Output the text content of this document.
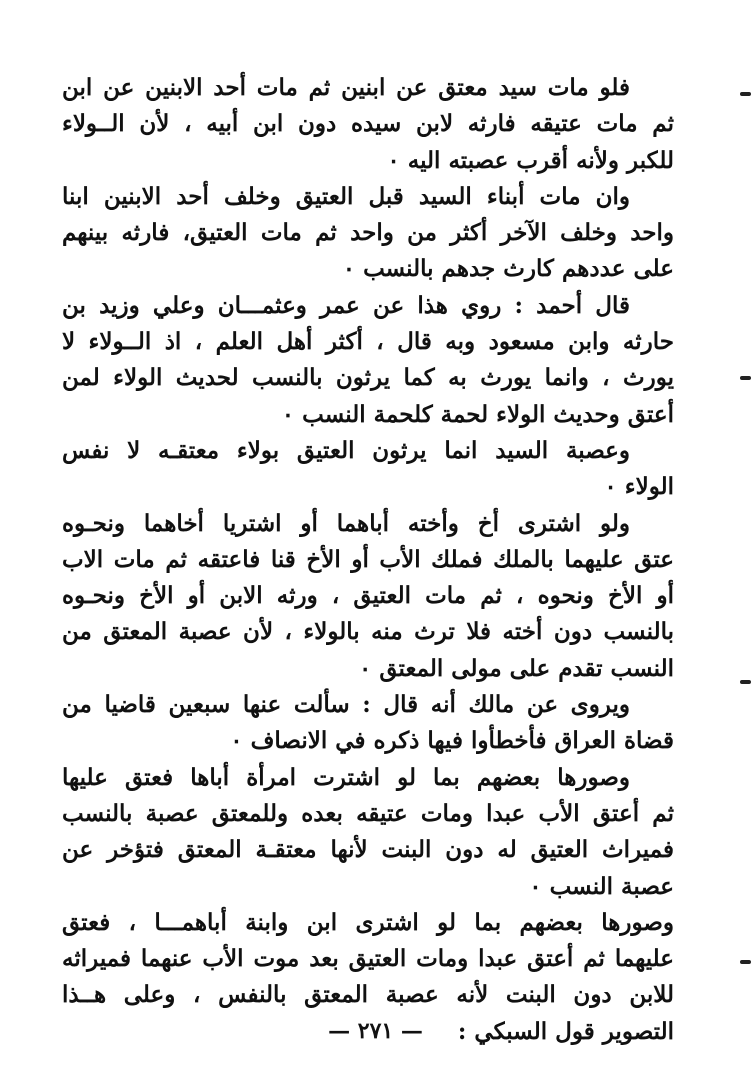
فلو مات سيد معتق عن ابنين ثم مات أحد الابنين عن ابن
ثم مات عتيقه فارثه لابن سيده دون ابن أبيه ، لأن الــولاء
للكبر ولأنه أقرب عصبته اليه ٠
وان مات أبناء السيد قبل العتيق وخلف أحد الابنين ابنا
واحد وخلف الآخر أكثر من واحد ثم مات العتيق، فارثه بينهم
على عددهم كارث جدهم بالنسب ٠
قال أحمد : روي هذا عن عمر وعثمـــان وعلي وزيد بن
حارثه وابن مسعود وبه قال ، أكثر أهل العلم ، اذ الــولاء لا
يورث ، وانما يورث به كما يرثون بالنسب لحديث الولاء لمن
أعتق وحديث الولاء لحمة كلحمة النسب ٠
وعصبة السيد انما يرثون العتيق بولاء معتقـه لا نفس
الولاء ٠
ولو اشترى أخ وأخته أباهما أو اشتريا أخاهما ونحـوه
عتق عليهما بالملك فملك الأب أو الأخ قنا فاعتقه ثم مات الاب
أو الأخ ونحوه ، ثم مات العتيق ، ورثه الابن أو الأخ ونحـوه
بالنسب دون أخته فلا ترث منه بالولاء ، لأن عصبة المعتق من
النسب تقدم على مولى المعتق ٠
ويروى عن مالك أنه قال : سألت عنها سبعين قاضيا من
قضاة العراق فأخطأوا فيها ذكره في الانصاف ٠
وصورها بعضهم بما لو اشترت امرأة أباها فعتق عليها
ثم أعتق الأب عبدا ومات عتيقه بعده وللمعتق عصبة بالنسب
فميراث العتيق له دون البنت لأنها معتقـة المعتق فتؤخر عن
عصبة النسب ٠
وصورها بعضهم بما لو اشترى ابن وابنة أباهمـــا ، فعتق
عليهما ثم أعتق عبدا ومات العتيق بعد موت الأب عنهما فميراثه
للابن دون البنت لأنه عصبة المعتق بالنفس ، وعلى هــذا
التصوير قول السبكي :
— ٢٧١ —
